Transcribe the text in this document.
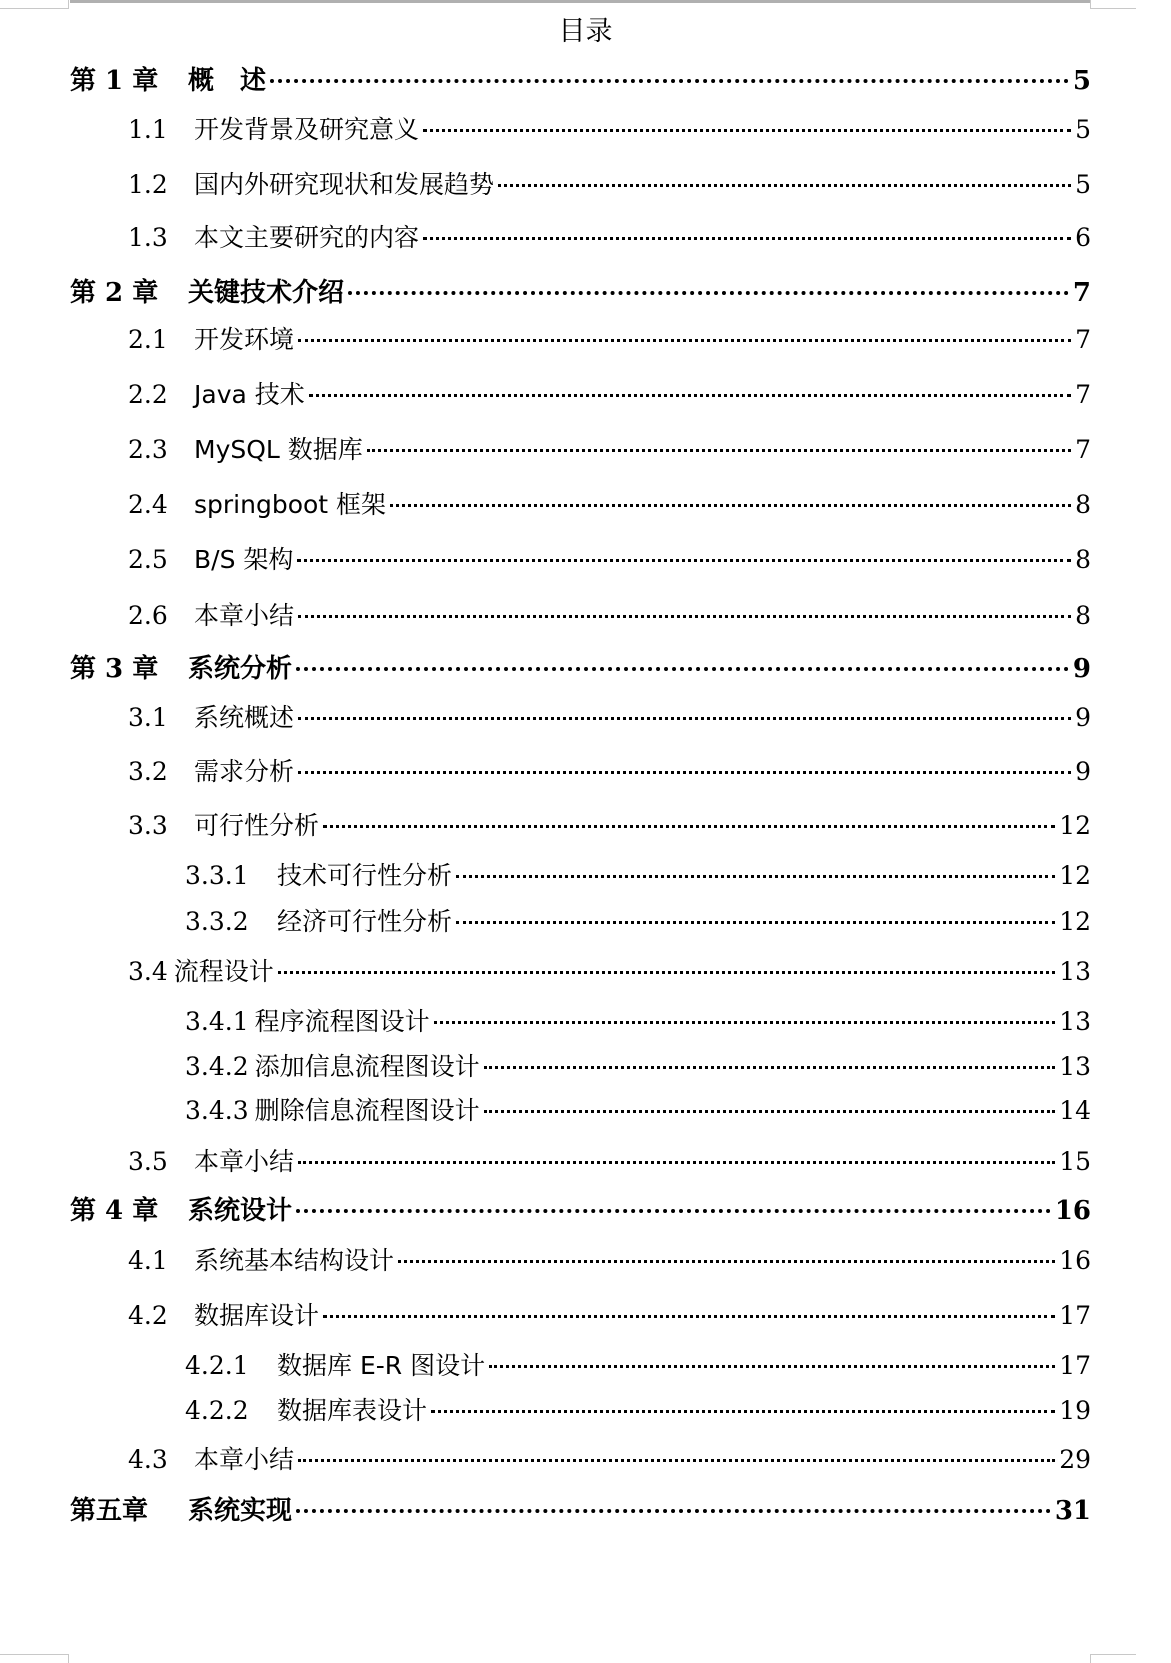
目录
第 1 章	概　述	5
1.1	开发背景及研究意义	5
1.2	国内外研究现状和发展趋势	5
1.3	本文主要研究的内容	6
第 2 章	关键技术介绍	7
2.1	开发环境	7
2.2	Java 技术	7
2.3	MySQL 数据库	7
2.4	springboot 框架	8
2.5	B/S 架构	8
2.6	本章小结	8
第 3 章	系统分析	9
3.1	系统概述	9
3.2	需求分析	9
3.3	可行性分析	12
3.3.1	技术可行性分析	12
3.3.2	经济可行性分析	12
3.4 流程设计	13
3.4.1 程序流程图设计	13
3.4.2 添加信息流程图设计	13
3.4.3 删除信息流程图设计	14
3.5	本章小结	15
第 4 章	系统设计	16
4.1	系统基本结构设计	16
4.2	数据库设计	17
4.2.1	数据库 E-R 图设计	17
4.2.2	数据库表设计	19
4.3	本章小结	29
第五章	系统实现	31
